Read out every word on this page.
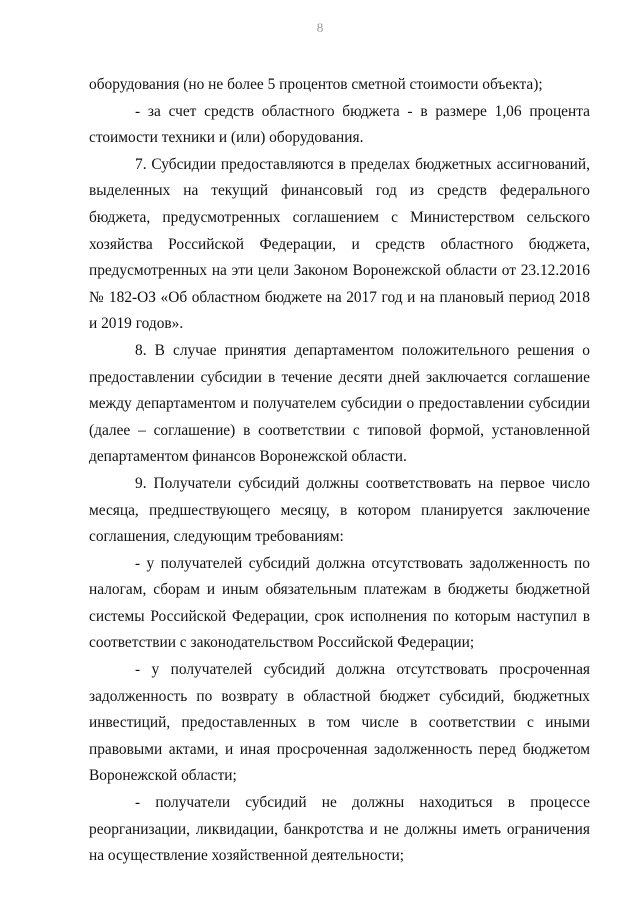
8

оборудования (но не более 5 процентов сметной стоимости объекта);

- за счет средств областного бюджета - в размере 1,06 процента стоимости техники и (или) оборудования.

7. Субсидии предоставляются в пределах бюджетных ассигнований, выделенных на текущий финансовый год из средств федерального бюджета, предусмотренных соглашением с Министерством сельского хозяйства Российской Федерации, и средств областного бюджета, предусмотренных на эти цели Законом Воронежской области от 23.12.2016 № 182-ОЗ «Об областном бюджете на 2017 год и на плановый период 2018 и 2019 годов».

8. В случае принятия департаментом положительного решения о предоставлении субсидии в течение десяти дней заключается соглашение между департаментом и получателем субсидии о предоставлении субсидии (далее – соглашение) в соответствии с типовой формой, установленной департаментом финансов Воронежской области.

9. Получатели субсидий должны соответствовать на первое число месяца, предшествующего месяцу, в котором планируется заключение соглашения, следующим требованиям:

- у получателей субсидий должна отсутствовать задолженность по налогам, сборам и иным обязательным платежам в бюджеты бюджетной системы Российской Федерации, срок исполнения по которым наступил в соответствии с законодательством Российской Федерации;

- у получателей субсидий должна отсутствовать просроченная задолженность по возврату в областной бюджет субсидий, бюджетных инвестиций, предоставленных в том числе в соответствии с иными правовыми актами, и иная просроченная задолженность перед бюджетом Воронежской области;

- получатели субсидий не должны находиться в процессе реорганизации, ликвидации, банкротства и не должны иметь ограничения на осуществление хозяйственной деятельности;
